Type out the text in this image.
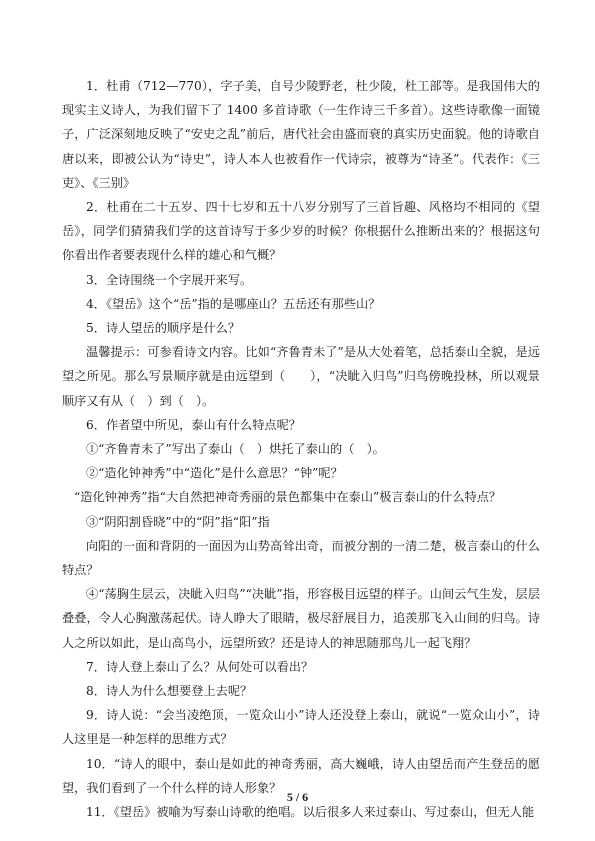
1．杜甫（712—770），字子美，自号少陵野老，杜少陵，杜工部等。是我国伟大的现实主义诗人，为我们留下了 1400 多首诗歌（一生作诗三千多首）。这些诗歌像一面镜子，广泛深刻地反映了“安史之乱”前后，唐代社会由盛而衰的真实历史面貌。他的诗歌自唐以来，即被公认为“诗史”，诗人本人也被看作一代诗宗，被尊为“诗圣”。代表作：《三吏》、《三别》

2．杜甫在二十五岁、四十七岁和五十八岁分别写了三首旨趣、风格均不相同的《望岳》，同学们猜猜我们学的这首诗写于多少岁的时候？你根据什么推断出来的？根据这句你看出作者要表现什么样的雄心和气概？

3．全诗围绕一个字展开来写。

4．《望岳》这个“岳”指的是哪座山？五岳还有那些山？

5．诗人望岳的顺序是什么？

温馨提示：可参看诗文内容。比如“齐鲁青未了”是从大处着笔，总括泰山全貌，是远望之所见。那么写景顺序就是由远望到（　　），“决眦入归鸟”归鸟傍晚投林，所以观景顺序又有从（　）到（　）。

6．作者望中所见，泰山有什么特点呢？

①“齐鲁青未了”写出了泰山（　）烘托了泰山的（　）。

②“造化钟神秀”中“造化”是什么意思？“钟”呢？

“造化钟神秀”指“大自然把神奇秀丽的景色都集中在泰山”极言泰山的什么特点？

③“阴阳割昏晓”中的“阴”指“阳”指

向阳的一面和背阴的一面因为山势高耸出奇，而被分割的一清二楚，极言泰山的什么特点？

④“荡胸生层云，决眦入归鸟”“决眦”指，形容极目远望的样子。山间云气生发，层层叠叠，令人心胸激荡起伏。诗人睁大了眼睛，极尽舒展目力，追羡那飞入山间的归鸟。诗人之所以如此，是山高鸟小，远望所致？还是诗人的神思随那鸟儿一起飞翔？

7．诗人登上泰山了么？从何处可以看出？

8．诗人为什么想要登上去呢？

9．诗人说：“会当凌绝顶，一览众山小”诗人还没登上泰山，就说“一览众山小”，诗人这里是一种怎样的思维方式？

10．“诗人的眼中，泰山是如此的神奇秀丽，高大巍峨，诗人由望岳而产生登岳的愿望，我们看到了一个什么样的诗人形象？

11．《望岳》被喻为写泰山诗歌的绝唱。以后很多人来过泰山、写过泰山，但无人能

5 / 6
